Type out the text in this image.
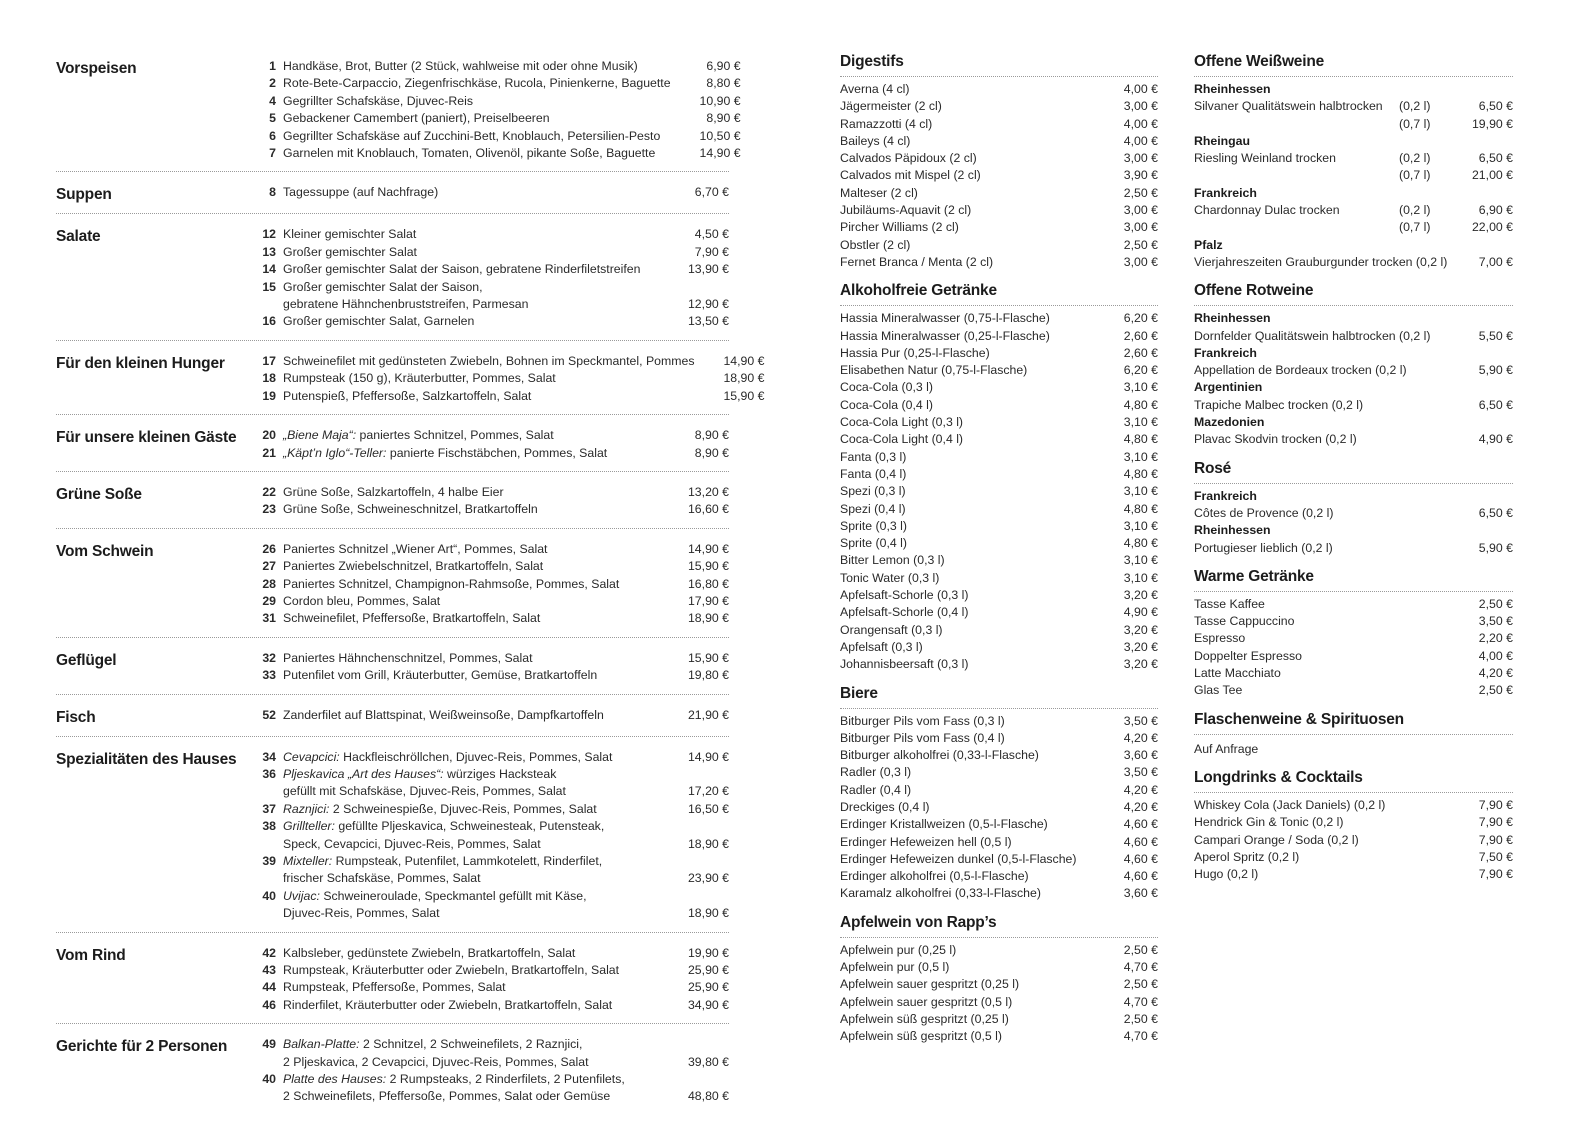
Vorspeisen	1 Handkäse, Brot, Butter (2 Stück, wahlweise mit oder ohne Musik)	6,90 €
2 Rote-Bete-Carpaccio, Ziegenfrischkäse, Rucola, Pinienkerne, Baguette	8,80 €
4 Gegrillter Schafskäse, Djuvec-Reis	10,90 €
5 Gebackener Camembert (paniert), Preiselbeeren	8,90 €
6 Gegrillter Schafskäse auf Zucchini-Bett, Knoblauch, Petersilien-Pesto	10,50 €
7 Garnelen mit Knoblauch, Tomaten, Olivenöl, pikante Soße, Baguette	14,90 €
Suppen	8 Tagessuppe (auf Nachfrage)	6,70 €
Salate	12 Kleiner gemischter Salat	4,50 €
13 Großer gemischter Salat	7,90 €
14 Großer gemischter Salat der Saison, gebratene Rinderfiletstreifen	13,90 €
15 Großer gemischter Salat der Saison,
gebratene Hähnchenbruststreifen, Parmesan	12,90 €
16 Großer gemischter Salat, Garnelen	13,50 €
Für den kleinen Hunger	17 Schweinefilet mit gedünsteten Zwiebeln, Bohnen im Speckmantel, Pommes	14,90 €
18 Rumpsteak (150 g), Kräuterbutter, Pommes, Salat	18,90 €
19 Putenspieß, Pfeffersoße, Salzkartoffeln, Salat	15,90 €
Für unsere kleinen Gäste	20 „Biene Maja“: paniertes Schnitzel, Pommes, Salat	8,90 €
21 „Käpt’n Iglo“-Teller: panierte Fischstäbchen, Pommes, Salat	8,90 €
Grüne Soße	22 Grüne Soße, Salzkartoffeln, 4 halbe Eier	13,20 €
23 Grüne Soße, Schweineschnitzel, Bratkartoffeln	16,60 €
Vom Schwein	26 Paniertes Schnitzel „Wiener Art“, Pommes, Salat	14,90 €
27 Paniertes Zwiebelschnitzel, Bratkartoffeln, Salat	15,90 €
28 Paniertes Schnitzel, Champignon-Rahmsoße, Pommes, Salat	16,80 €
29 Cordon bleu, Pommes, Salat	17,90 €
31 Schweinefilet, Pfeffersoße, Bratkartoffeln, Salat	18,90 €
Geflügel	32 Paniertes Hähnchenschnitzel, Pommes, Salat	15,90 €
33 Putenfilet vom Grill, Kräuterbutter, Gemüse, Bratkartoffeln	19,80 €
Fisch	52 Zanderfilet auf Blattspinat, Weißweinsoße, Dampfkartoffeln	21,90 €
Spezialitäten des Hauses	34 Cevapcici: Hackfleischröllchen, Djuvec-Reis, Pommes, Salat	14,90 €
36 Pljeskavica „Art des Hauses“: würziges Hacksteak
gefüllt mit Schafskäse, Djuvec-Reis, Pommes, Salat	17,20 €
37 Raznjici: 2 Schweinespieße, Djuvec-Reis, Pommes, Salat	16,50 €
38 Grillteller: gefüllte Pljeskavica, Schweinesteak, Putensteak,
Speck, Cevapcici, Djuvec-Reis, Pommes, Salat	18,90 €
39 Mixteller: Rumpsteak, Putenfilet, Lammkotelett, Rinderfilet,
frischer Schafskäse, Pommes, Salat	23,90 €
40 Uvijac: Schweineroulade, Speckmantel gefüllt mit Käse,
Djuvec-Reis, Pommes, Salat	18,90 €
Vom Rind	42 Kalbsleber, gedünstete Zwiebeln, Bratkartoffeln, Salat	19,90 €
43 Rumpsteak, Kräuterbutter oder Zwiebeln, Bratkartoffeln, Salat	25,90 €
44 Rumpsteak, Pfeffersoße, Pommes, Salat	25,90 €
46 Rinderfilet, Kräuterbutter oder Zwiebeln, Bratkartoffeln, Salat	34,90 €
Gerichte für 2 Personen	49 Balkan-Platte: 2 Schnitzel, 2 Schweinefilets, 2 Raznjici,
2 Pljeskavica, 2 Cevapcici, Djuvec-Reis, Pommes, Salat	39,80 €
40 Platte des Hauses: 2 Rumpsteaks, 2 Rinderfilets, 2 Putenfilets,
2 Schweinefilets, Pfeffersoße, Pommes, Salat oder Gemüse	48,80 €
Digestifs
Averna (4 cl)	4,00 €
Jägermeister (2 cl)	3,00 €
Ramazzotti (4 cl)	4,00 €
Baileys (4 cl)	4,00 €
Calvados Päpidoux (2 cl)	3,00 €
Calvados mit Mispel (2 cl)	3,90 €
Malteser (2 cl)	2,50 €
Jubiläums-Aquavit (2 cl)	3,00 €
Pircher Williams (2 cl)	3,00 €
Obstler (2 cl)	2,50 €
Fernet Branca / Menta (2 cl)	3,00 €
Alkoholfreie Getränke
Hassia Mineralwasser (0,75-l-Flasche)	6,20 €
Hassia Mineralwasser (0,25-l-Flasche)	2,60 €
Hassia Pur (0,25-l-Flasche)	2,60 €
Elisabethen Natur (0,75-l-Flasche)	6,20 €
Coca-Cola (0,3 l)	3,10 €
Coca-Cola (0,4 l)	4,80 €
Coca-Cola Light (0,3 l)	3,10 €
Coca-Cola Light (0,4 l)	4,80 €
Fanta (0,3 l)	3,10 €
Fanta (0,4 l)	4,80 €
Spezi (0,3 l)	3,10 €
Spezi (0,4 l)	4,80 €
Sprite (0,3 l)	3,10 €
Sprite (0,4 l)	4,80 €
Bitter Lemon (0,3 l)	3,10 €
Tonic Water (0,3 l)	3,10 €
Apfelsaft-Schorle (0,3 l)	3,20 €
Apfelsaft-Schorle (0,4 l)	4,90 €
Orangensaft (0,3 l)	3,20 €
Apfelsaft (0,3 l)	3,20 €
Johannisbeersaft (0,3 l)	3,20 €
Biere
Bitburger Pils vom Fass (0,3 l)	3,50 €
Bitburger Pils vom Fass (0,4 l)	4,20 €
Bitburger alkoholfrei (0,33-l-Flasche)	3,60 €
Radler (0,3 l)	3,50 €
Radler (0,4 l)	4,20 €
Dreckiges (0,4 l)	4,20 €
Erdinger Kristallweizen (0,5-l-Flasche)	4,60 €
Erdinger Hefeweizen hell (0,5 l)	4,60 €
Erdinger Hefeweizen dunkel (0,5-l-Flasche)	4,60 €
Erdinger alkoholfrei (0,5-l-Flasche)	4,60 €
Karamalz alkoholfrei (0,33-l-Flasche)	3,60 €
Apfelwein von Rapp’s
Apfelwein pur (0,25 l)	2,50 €
Apfelwein pur (0,5 l)	4,70 €
Apfelwein sauer gespritzt (0,25 l)	2,50 €
Apfelwein sauer gespritzt (0,5 l)	4,70 €
Apfelwein süß gespritzt (0,25 l)	2,50 €
Apfelwein süß gespritzt (0,5 l)	4,70 €
Offene Weißweine
Rheinhessen
Silvaner Qualitätswein halbtrocken	(0,2 l)	6,50 €
(0,7 l)	19,90 €
Rheingau
Riesling Weinland trocken	(0,2 l)	6,50 €
(0,7 l)	21,00 €
Frankreich
Chardonnay Dulac trocken	(0,2 l)	6,90 €
(0,7 l)	22,00 €
Pfalz
Vierjahreszeiten Grauburgunder trocken (0,2 l)	7,00 €
Offene Rotweine
Rheinhessen
Dornfelder Qualitätswein halbtrocken (0,2 l)	5,50 €
Frankreich
Appellation de Bordeaux trocken (0,2 l)	5,90 €
Argentinien
Trapiche Malbec trocken (0,2 l)	6,50 €
Mazedonien
Plavac Skodvin trocken (0,2 l)	4,90 €
Rosé
Frankreich
Côtes de Provence (0,2 l)	6,50 €
Rheinhessen
Portugieser lieblich (0,2 l)	5,90 €
Warme Getränke
Tasse Kaffee	2,50 €
Tasse Cappuccino	3,50 €
Espresso	2,20 €
Doppelter Espresso	4,00 €
Latte Macchiato	4,20 €
Glas Tee	2,50 €
Flaschenweine & Spirituosen
Auf Anfrage
Longdrinks & Cocktails
Whiskey Cola (Jack Daniels) (0,2 l)	7,90 €
Hendrick Gin & Tonic (0,2 l)	7,90 €
Campari Orange / Soda (0,2 l)	7,90 €
Aperol Spritz (0,2 l)	7,50 €
Hugo (0,2 l)	7,90 €
